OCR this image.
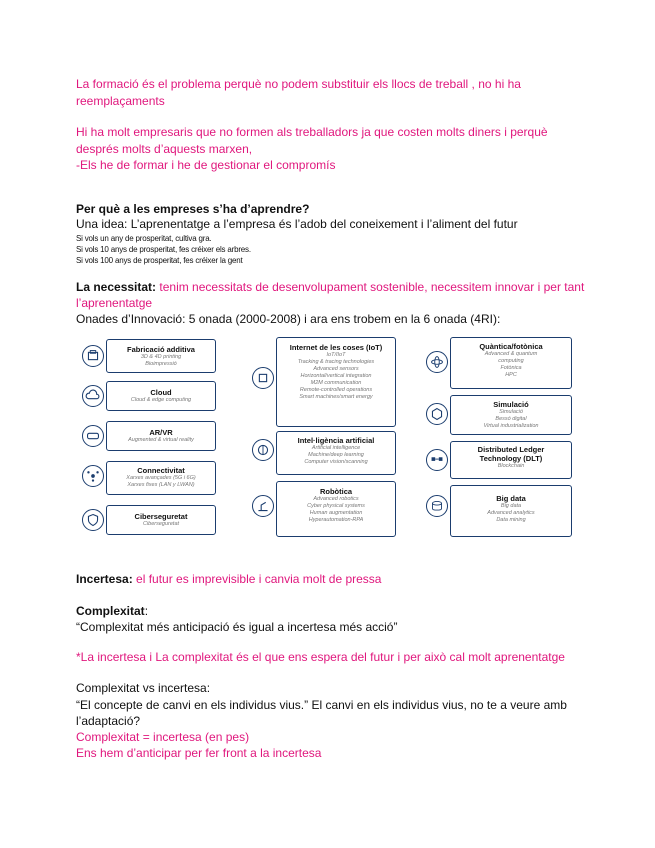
La formació és el problema perquè no podem substituir els llocs de treball , no hi ha
reemplaçaments
Hi ha molt empresaris que no formen als treballadors ja que costen molts diners i perquè
després molts d’aquests marxen,
-Els he de formar i he de gestionar el compromís
Per què a les empreses s’ha d’aprendre?
Una idea: L’aprenentatge a l’empresa és l’adob del coneixement i l’aliment del futur
Si vols un any de prosperitat, cultiva gra.
Si vols 10 anys de prosperitat, fes créixer els arbres.
Si vols 100 anys de prosperitat, fes créixer la gent
La necessitat: tenim necessitats de desenvolupament sostenible, necessitem innovar i per tant
l’aprenentatge
Onades d’Innovació: 5 onada (2000-2008) i ara ens trobem en la 6 onada (4RI):
Fabricació additiva
3D & 4D printing
Bioimpressió
Cloud
Cloud & edge computing
AR/VR
Augmented & virtual reality
Connectivitat
Xarxes avançades (5G i 6G)
Xarxes fixes (LAN y LWAN)
Ciberseguretat
Ciberseguretat
Internet de les coses (IoT)
IoT/IIoT
Tracking & tracing technologies
Advanced sensors
Horizontal/vertical integration
M2M communication
Remote-controlled operations
Smart machines/smart energy
Intel·ligència artificial
Artificial intelligence
Machine/deep learning
Computer vision/scanning
Robòtica
Advanced robotics
Cyber physical systems
Human augmentation
Hyperautomation-RPA
Quàntica/fotònica
Advanced & quantum
computing
Fotònica
HPC
Simulació
Simulació
Bessó digital
Virtual industrialization
Distributed Ledger Technology (DLT)
Blockchain
Big data
Big data
Advanced analytics
Data mining
Incertesa: el futur es imprevisible i canvia molt de pressa
Complexitat:
“Complexitat més anticipació és igual a incertesa més acció”
*La incertesa i La complexitat és el que ens espera del futur i per això cal molt aprenentatge
Complexitat vs incertesa:
“El concepte de canvi en els individus vius.” El canvi en els individus vius, no te a veure amb
l’adaptació?
Complexitat = incertesa (en pes)
Ens hem d’anticipar per fer front a la incertesa
